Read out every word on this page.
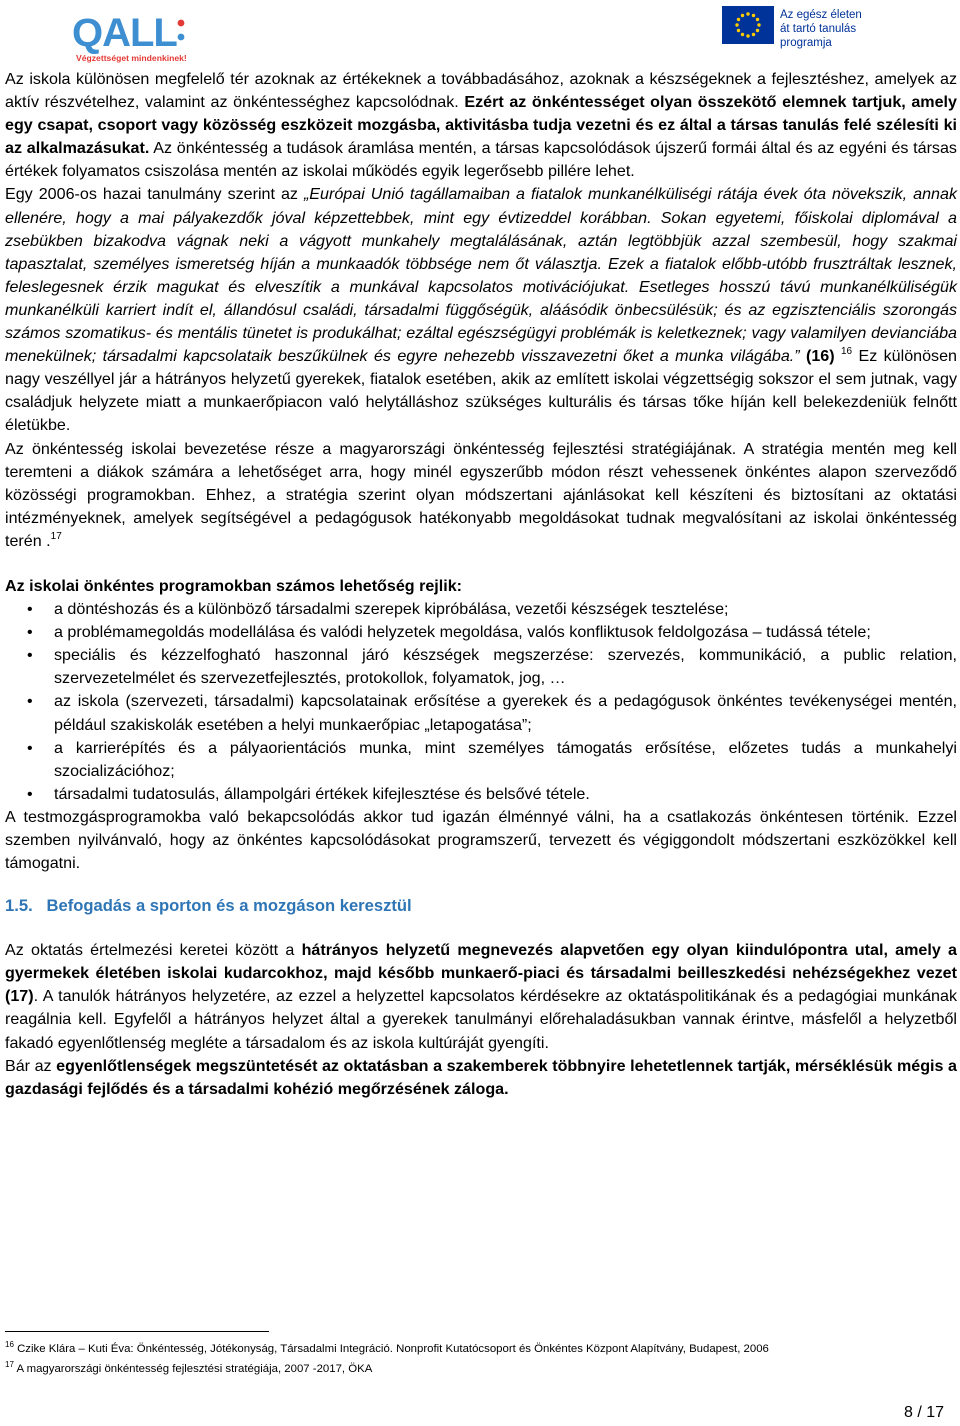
QALL
Végzettséget mindenkinek!
Az egész életen
át tartó tanulás
programja

Az iskola különösen megfelelő tér azoknak az értékeknek a továbbadásához, azoknak a készségeknek a fejlesztéshez, amelyek az aktív részvételhez, valamint az önkéntességhez kapcsolódnak. Ezért az önkéntességet olyan összekötő elemnek tartjuk, amely egy csapat, csoport vagy közösség eszközeit mozgásba, aktivitásba tudja vezetni és ez által a társas tanulás felé szélesíti ki az alkalmazásukat. Az önkéntesség a tudások áramlása mentén, a társas kapcsolódások újszerű formái által és az egyéni és társas értékek folyamatos csiszolása mentén az iskolai működés egyik legerősebb pillére lehet.

Egy 2006-os hazai tanulmány szerint az „Európai Unió tagállamaiban a fiatalok munkanélküliségi rátája évek óta növekszik, annak ellenére, hogy a mai pályakezdők jóval képzettebbek, mint egy évtizeddel korábban. Sokan egyetemi, főiskolai diplomával a zsebükben bizakodva vágnak neki a vágyott munkahely megtalálásának, aztán legtöbbjük azzal szembesül, hogy szakmai tapasztalat, személyes ismeretség híján a munkaadók többsége nem őt választja. Ezek a fiatalok előbb-utóbb frusztráltak lesznek, feleslegesnek érzik magukat és elveszítik a munkával kapcsolatos motivációjukat. Esetleges hosszú távú munkanélküliségük munkanélküli karriert indít el, állandósul családi, társadalmi függőségük, aláásódik önbecsülésük; és az egzisztenciális szorongás számos szomatikus- és mentális tünetet is produkálhat; ezáltal egészségügyi problémák is keletkeznek; vagy valamilyen devianciába menekülnek; társadalmi kapcsolataik beszűkülnek és egyre nehezebb visszavezetni őket a munka világába.” (16) $^{16}$ Ez különösen nagy veszéllyel jár a hátrányos helyzetű gyerekek, fiatalok esetében, akik az említett iskolai végzettségig sokszor el sem jutnak, vagy családjuk helyzete miatt a munkaerőpiacon való helytálláshoz szükséges kulturális és társas tőke híján kell belekezdeniük felnőtt életükbe.

Az önkéntesség iskolai bevezetése része a magyarországi önkéntesség fejlesztési stratégiájának. A stratégia mentén meg kell teremteni a diákok számára a lehetőséget arra, hogy minél egyszerűbb módon részt vehessenek önkéntes alapon szerveződő közösségi programokban. Ehhez, a stratégia szerint olyan módszertani ajánlásokat kell készíteni és biztosítani az oktatási intézményeknek, amelyek segítségével a pedagógusok hatékonyabb megoldásokat tudnak megvalósítani az iskolai önkéntesség terén .$^{17}$

Az iskolai önkéntes programokban számos lehetőség rejlik:

• a döntéshozás és a különböző társadalmi szerepek kipróbálása, vezetői készségek tesztelése;
• a problémamegoldás modellálása és valódi helyzetek megoldása, valós konfliktusok feldolgozása – tudássá tétele;
• speciális és kézzelfogható haszonnal járó készségek megszerzése: szervezés, kommunikáció, a public relation, szervezetelmélet és szervezetfejlesztés, protokollok, folyamatok, jog, …
• az iskola (szervezeti, társadalmi) kapcsolatainak erősítése a gyerekek és a pedagógusok önkéntes tevékenységei mentén, például szakiskolák esetében a helyi munkaerőpiac „letapogatása”;
• a karrierépítés és a pályaorientációs munka, mint személyes támogatás erősítése, előzetes tudás a munkahelyi szocializációhoz;
• társadalmi tudatosulás, állampolgári értékek kifejlesztése és belsővé tétele.

A testmozgásprogramokba való bekapcsolódás akkor tud igazán élménnyé válni, ha a csatlakozás önkéntesen történik. Ezzel szemben nyilvánvaló, hogy az önkéntes kapcsolódásokat programszerű, tervezett és végiggondolt módszertani eszközökkel kell támogatni.

1.5.   Befogadás a sporton és a mozgáson keresztül

Az oktatás értelmezési keretei között a hátrányos helyzetű megnevezés alapvetően egy olyan kiindulópontra utal, amely a gyermekek életében iskolai kudarcokhoz, majd később munkaerő-piaci és társadalmi beilleszkedési nehézségekhez vezet (17). A tanulók hátrányos helyzetére, az ezzel a helyzettel kapcsolatos kérdésekre az oktatáspolitikának és a pedagógiai munkának reagálnia kell. Egyfelől a hátrányos helyzet által a gyerekek tanulmányi előrehaladásukban vannak érintve, másfelől a helyzetből fakadó egyenlőtlenség megléte a társadalom és az iskola kultúráját gyengíti.

Bár az egyenlőtlenségek megszüntetését az oktatásban a szakemberek többnyire lehetetlennek tartják, mérséklésük mégis a gazdasági fejlődés és a társadalmi kohézió megőrzésének záloga.

$^{16}$ Czike Klára – Kuti Éva: Önkéntesség, Jótékonyság, Társadalmi Integráció. Nonprofit Kutatócsoport és Önkéntes Központ Alapítvány, Budapest, 2006
$^{17}$ A magyarországi önkéntesség fejlesztési stratégiája, 2007 -2017, ÖKA
8 / 17
